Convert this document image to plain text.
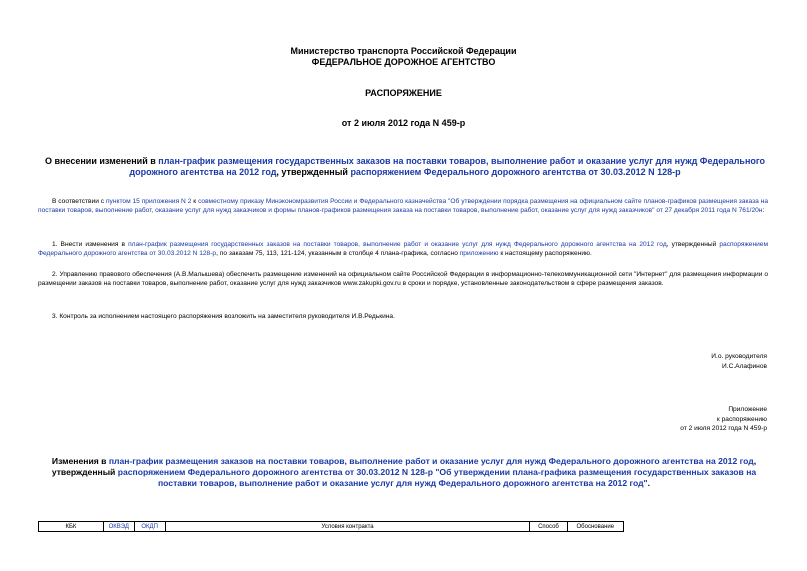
Министерство транспорта Российской Федерации
ФЕДЕРАЛЬНОЕ ДОРОЖНОЕ АГЕНТСТВО
РАСПОРЯЖЕНИЕ
от 2 июля 2012 года N 459-р
О внесении изменений в план-график размещения государственных заказов на поставки товаров, выполнение работ и оказание услуг для нужд Федерального дорожного агентства на 2012 год, утвержденный распоряжением Федерального дорожного агентства от 30.03.2012 N 128-р
В соответствии с пунктом 15 приложения N 2 к совместному приказу Минэкономразвития России и Федерального казначейства "Об утверждении порядка размещения на официальном сайте планов-графиков размещения заказа на поставки товаров, выполнение работ, оказание услуг для нужд заказчиков и формы планов-графиков размещения заказа на поставки товаров, выполнение работ, оказание услуг для нужд заказчиков" от 27 декабря 2011 года N 761/20н:
1. Внести изменения в план-график размещения государственных заказов на поставки товаров, выполнение работ и оказание услуг для нужд Федерального дорожного агентства на 2012 год, утвержденный распоряжением Федерального дорожного агентства от 30.03.2012 N 128-р, по заказам 75, 113, 121-124, указанным в столбце 4 плана-графика, согласно приложению к настоящему распоряжению.
2. Управлению правового обеспечения (А.В.Малышева) обеспечить размещение изменений на официальном сайте Российской Федерации в информационно-телекоммуникационной сети "Интернет" для размещения информации о размещении заказов на поставки товаров, выполнение работ, оказание услуг для нужд заказчиков www.zakupki.gov.ru в сроки и порядке, установленные законодательством в сфере размещения заказов.
3. Контроль за исполнением настоящего распоряжения возложить на заместителя руководителя И.В.Редькина.
И.о. руководителя
И.С.Алафинов
Приложение
к распоряжению
от 2 июля 2012 года N 459-р
Изменения в план-график размещения заказов на поставки товаров, выполнение работ и оказание услуг для нужд Федерального дорожного агентства на 2012 год, утвержденный распоряжением Федерального дорожного агентства от 30.03.2012 N 128-р "Об утверждении плана-графика размещения государственных заказов на поставки товаров, выполнение работ и оказание услуг для нужд Федерального дорожного агентства на 2012 год".
КБК	ОКВЭД	ОКДП	Условия контракта	Способ	Обоснование
